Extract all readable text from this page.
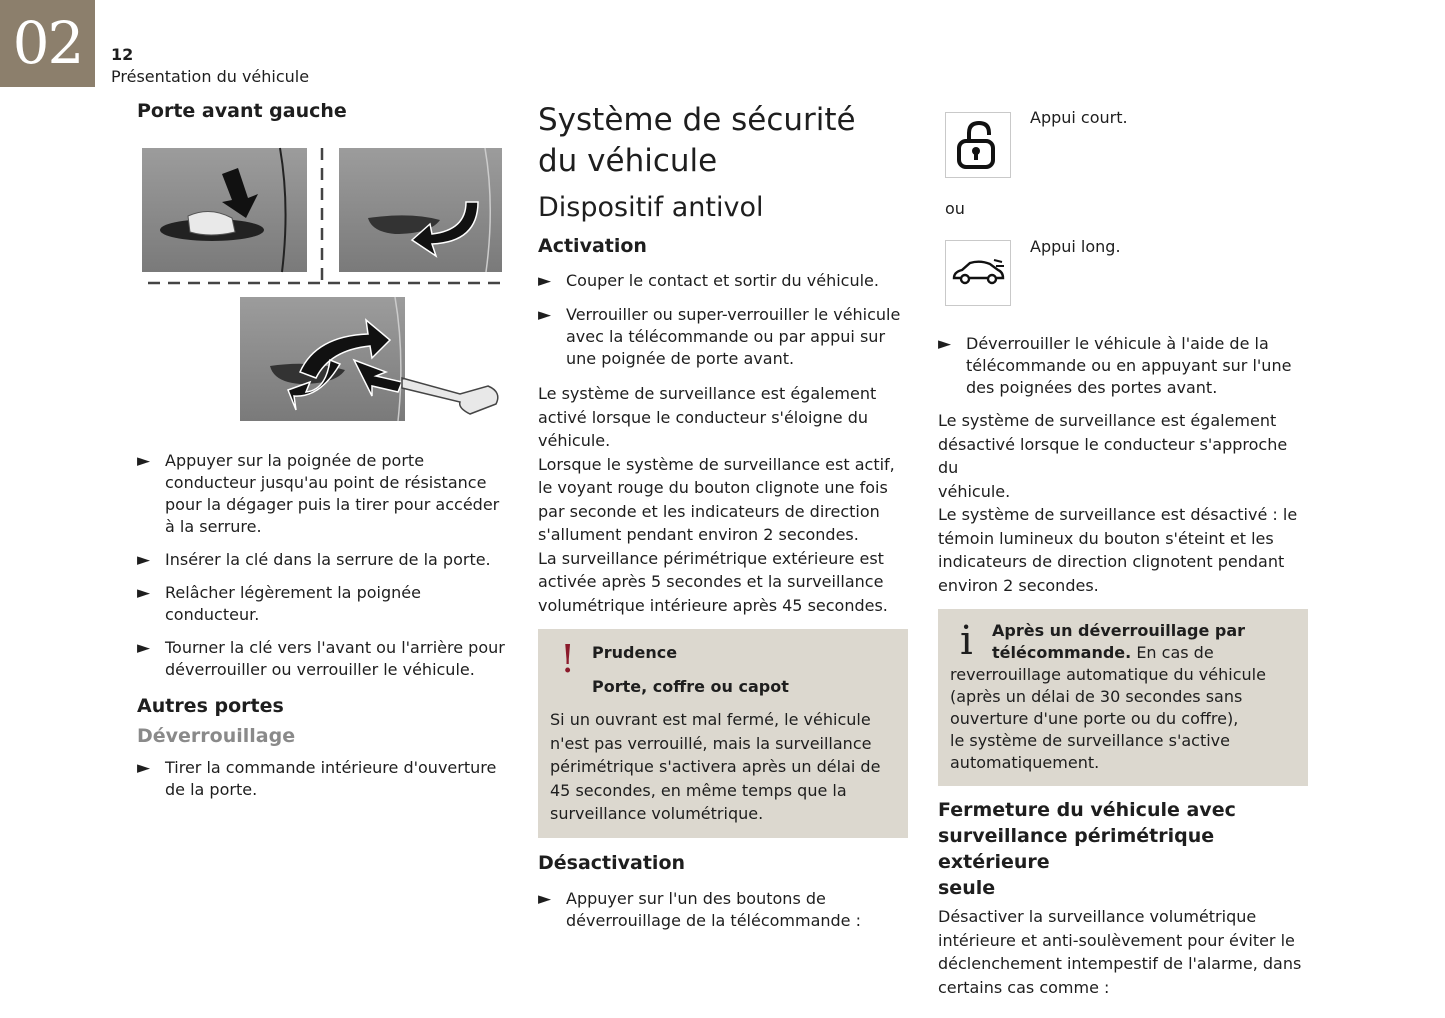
02	12
Présentation du véhicule
Porte avant gauche
► Appuyer sur la poignée de porte conducteur jusqu'au point de résistance pour la dégager puis la tirer pour accéder à la serrure.
► Insérer la clé dans la serrure de la porte.
► Relâcher légèrement la poignée conducteur.
► Tourner la clé vers l'avant ou l'arrière pour déverrouiller ou verrouiller le véhicule.
Autres portes
Déverrouillage
► Tirer la commande intérieure d'ouverture de la porte.
Système de sécurité du véhicule
Dispositif antivol
Activation
► Couper le contact et sortir du véhicule.
► Verrouiller ou super-verrouiller le véhicule avec la télécommande ou par appui sur une poignée de porte avant.
Le système de surveillance est également
activé lorsque le conducteur s'éloigne du
véhicule.
Lorsque le système de surveillance est actif,
le voyant rouge du bouton clignote une fois
par seconde et les indicateurs de direction
s'allument pendant environ 2 secondes.
La surveillance périmétrique extérieure est
activée après 5 secondes et la surveillance
volumétrique intérieure après 45 secondes.
! Prudence
Porte, coffre ou capot
Si un ouvrant est mal fermé, le véhicule
n'est pas verrouillé, mais la surveillance
périmétrique s'activera après un délai de
45 secondes, en même temps que la
surveillance volumétrique.
Désactivation
► Appuyer sur l'un des boutons de déverrouillage de la télécommande :
Appui court.
ou
Appui long.
► Déverrouiller le véhicule à l'aide de la télécommande ou en appuyant sur l'une des poignées des portes avant.
Le système de surveillance est également
désactivé lorsque le conducteur s'approche du
véhicule.
Le système de surveillance est désactivé : le
témoin lumineux du bouton s'éteint et les
indicateurs de direction clignotent pendant
environ 2 secondes.
i Après un déverrouillage par
télécommande. En cas de
reverrouillage automatique du véhicule
(après un délai de 30 secondes sans
ouverture d'une porte ou du coffre),
le système de surveillance s'active
automatiquement.
Fermeture du véhicule avec
surveillance périmétrique extérieure
seule
Désactiver la surveillance volumétrique
intérieure et anti-soulèvement pour éviter le
déclenchement intempestif de l'alarme, dans
certains cas comme :
